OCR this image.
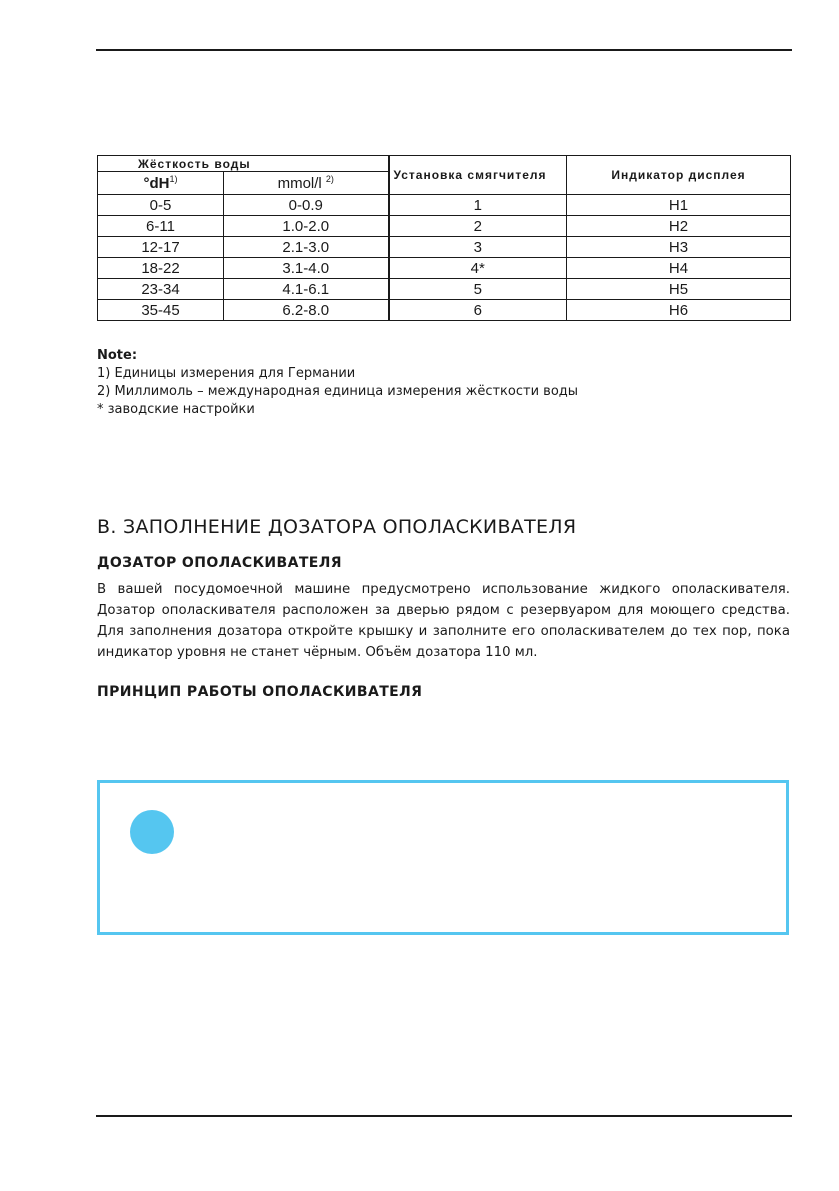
Жёсткость воды		Установка смягчителя	Индикатор дисплея
$^\circ dH^{1)}$	mmol/l $^{2)}$
0-5	0-0.9	1	H1
6-11	1.0-2.0	2	H2
12-17	2.1-3.0	3	H3
18-22	3.1-4.0	4*	H4
23-34	4.1-6.1	5	H5
35-45	6.2-8.0	6	H6
Note:
1) Единицы измерения для Германии
2) Миллимоль – международная единица измерения жёсткости воды
* заводские настройки
B. ЗАПОЛНЕНИЕ ДОЗАТОРА ОПОЛАСКИВАТЕЛЯ
ДОЗАТОР ОПОЛАСКИВАТЕЛЯ

В вашей посудомоечной машине предусмотрено использование жидкого ополаскивателя. Дозатор ополаскивателя расположен за дверью рядом с резервуаром для моющего средства. Для заполнения дозатора откройте крышку и заполните его ополаскивателем до тех пор, пока индикатор уровня не станет чёрным. Объём дозатора 110 мл.

ПРИНЦИП РАБОТЫ ОПОЛАСКИВАТЕЛЯ
